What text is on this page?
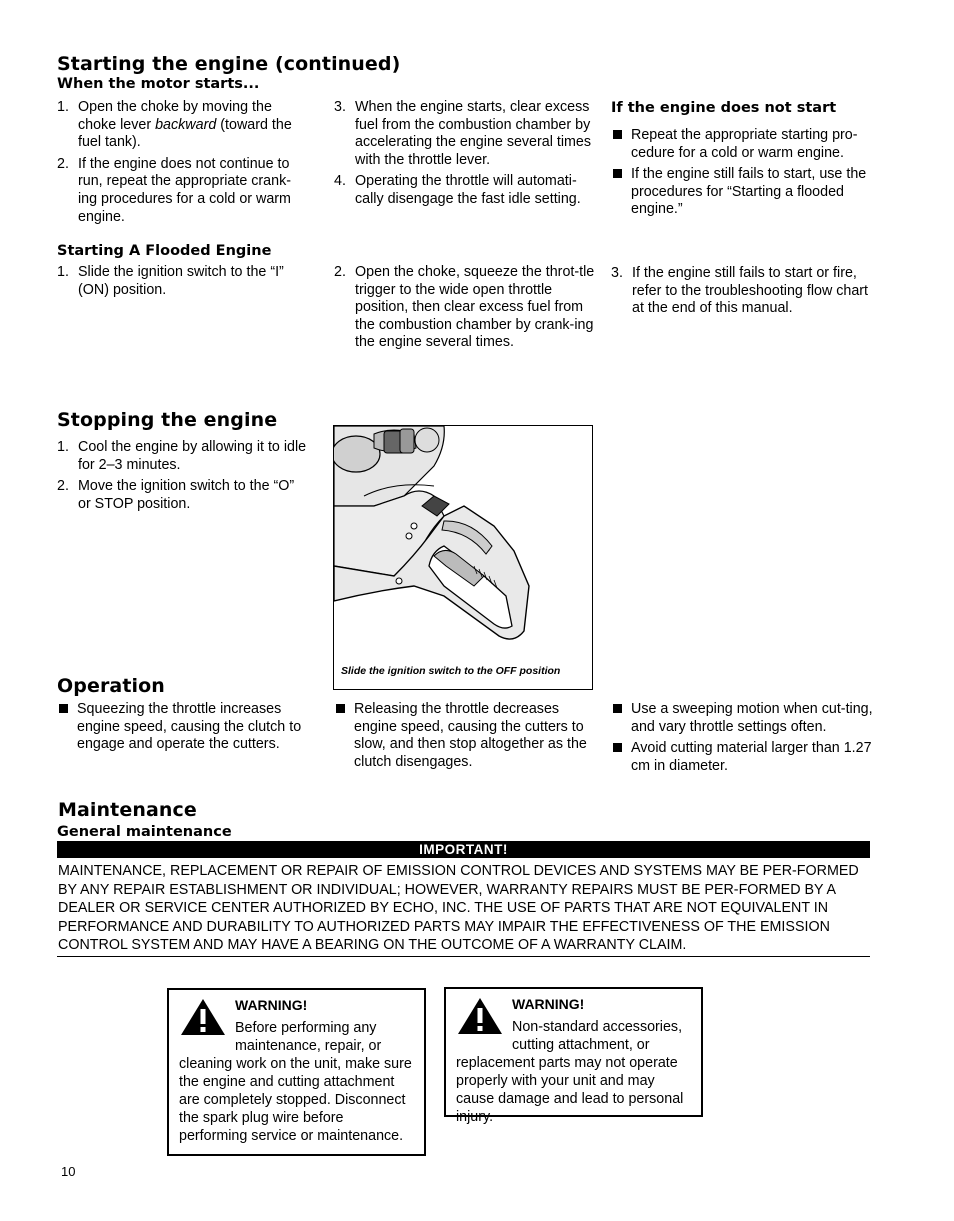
Starting the engine (continued)
When the motor starts...
1. Open the choke by moving the choke lever backward (toward the fuel tank).
2. If the engine does not continue to run, repeat the appropriate crank-ing procedures for a cold or warm engine.
3. When the engine starts, clear excess fuel from the combustion chamber by accelerating the engine several times with the throttle lever.
4. Operating the throttle will automati-cally disengage the fast idle setting.
If the engine does not start
Repeat the appropriate starting pro-cedure for a cold or warm engine.
If the engine still fails to start, use the procedures for “Starting a flooded engine.”
Starting A Flooded Engine
1. Slide the ignition switch to the “I” (ON) position.
2. Open the choke, squeeze the throt-tle trigger to the wide open throttle position, then clear excess fuel from the combustion chamber by crank-ing the engine several times.
3. If the engine still fails to start or fire, refer to the troubleshooting flow chart at the end of this manual.
Stopping the engine
1. Cool the engine by allowing it to idle for 2–3 minutes.
2. Move the ignition switch to the “O” or STOP position.
Slide the ignition switch to the OFF position
Operation
Squeezing the throttle increases engine speed, causing the clutch to engage and operate the cutters.
Releasing the throttle decreases engine speed, causing the cutters to slow, and then stop altogether as the clutch disengages.
Use a sweeping motion when cut-ting, and vary throttle settings often.
Avoid cutting material larger than 1.27 cm in diameter.
Maintenance
General maintenance
IMPORTANT!
MAINTENANCE, REPLACEMENT OR REPAIR OF EMISSION CONTROL DEVICES AND SYSTEMS MAY BE PER-FORMED BY ANY REPAIR ESTABLISHMENT OR INDIVIDUAL; HOWEVER, WARRANTY REPAIRS MUST BE PER-FORMED BY A DEALER OR SERVICE CENTER AUTHORIZED BY ECHO, INC. THE USE OF PARTS THAT ARE NOT EQUIVALENT IN PERFORMANCE AND DURABILITY TO AUTHORIZED PARTS MAY IMPAIR THE EFFECTIVENESS OF THE EMISSION CONTROL SYSTEM AND MAY HAVE A BEARING ON THE OUTCOME OF A WARRANTY CLAIM.
WARNING!
Before performing any maintenance, repair, or cleaning work on the unit, make sure the engine and cutting attachment are completely stopped. Disconnect the spark plug wire before performing service or maintenance.
WARNING!
Non-standard accessories, cutting attachment, or replacement parts may not operate properly with your unit and may cause damage and lead to personal injury.
10
